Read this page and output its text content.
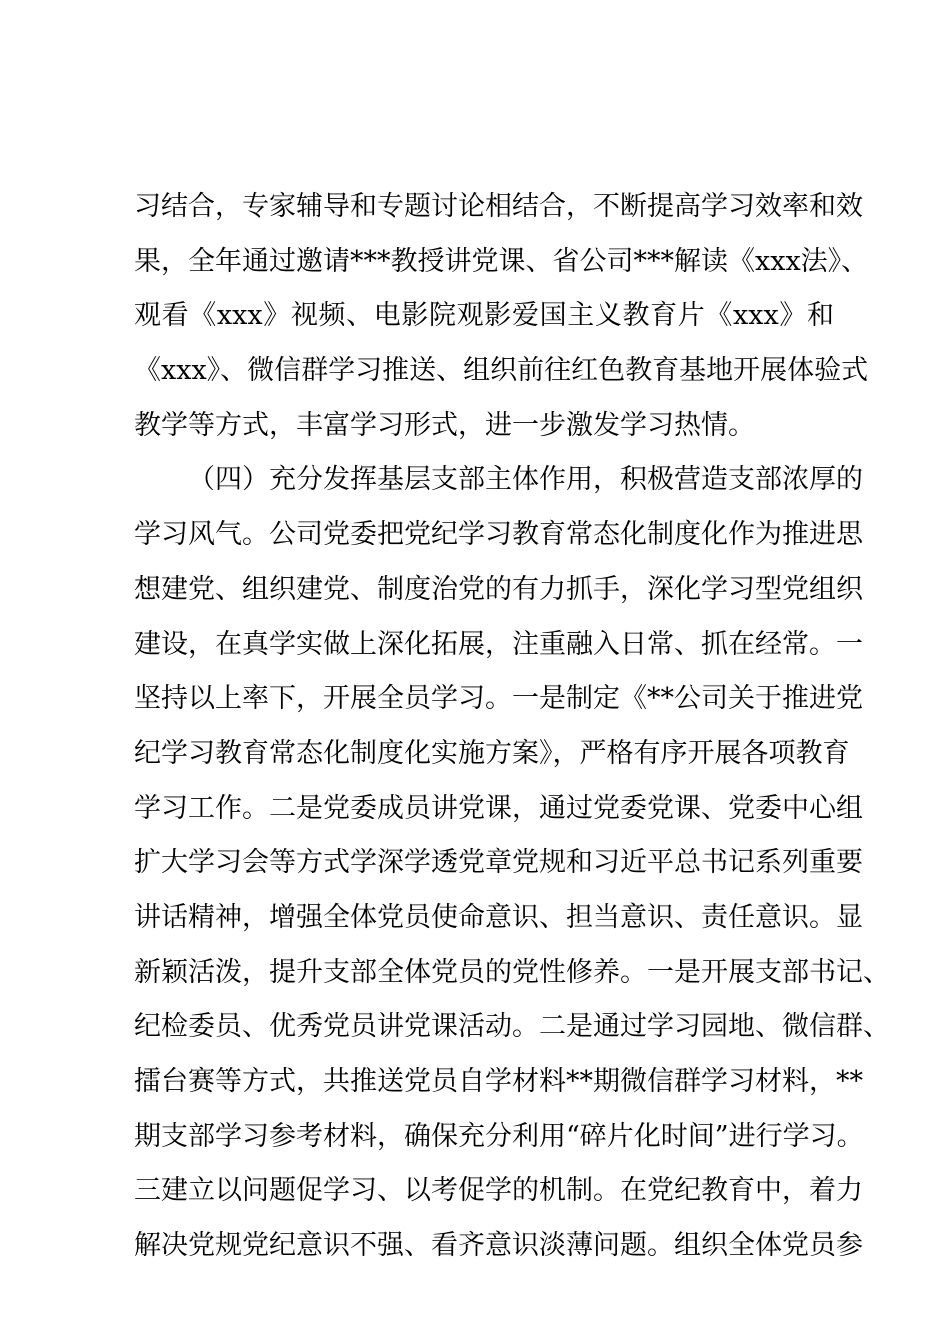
习结合，专家辅导和专题讨论相结合，不断提高学习效率和效
果，全年通过邀请***教授讲党课、省公司***解读《xxx法》、
观看《xxx》视频、电影院观影爱国主义教育片《xxx》和
《xxx》、微信群学习推送、组织前往红色教育基地开展体验式
教学等方式，丰富学习形式，进一步激发学习热情。
（四）充分发挥基层支部主体作用，积极营造支部浓厚的
学习风气。公司党委把党纪学习教育常态化制度化作为推进思
想建党、组织建党、制度治党的有力抓手，深化学习型党组织
建设，在真学实做上深化拓展，注重融入日常、抓在经常。一
坚持以上率下，开展全员学习。一是制定《**公司关于推进党
纪学习教育常态化制度化实施方案》，严格有序开展各项教育
学习工作。二是党委成员讲党课，通过党委党课、党委中心组
扩大学习会等方式学深学透党章党规和习近平总书记系列重要
讲话精神，增强全体党员使命意识、担当意识、责任意识。显
新颖活泼，提升支部全体党员的党性修养。一是开展支部书记、
纪检委员、优秀党员讲党课活动。二是通过学习园地、微信群、
擂台赛等方式，共推送党员自学材料**期微信群学习材料，**
期支部学习参考材料，确保充分利用“碎片化时间”进行学习。
三建立以问题促学习、以考促学的机制。在党纪教育中，着力
解决党规党纪意识不强、看齐意识淡薄问题。组织全体党员参
